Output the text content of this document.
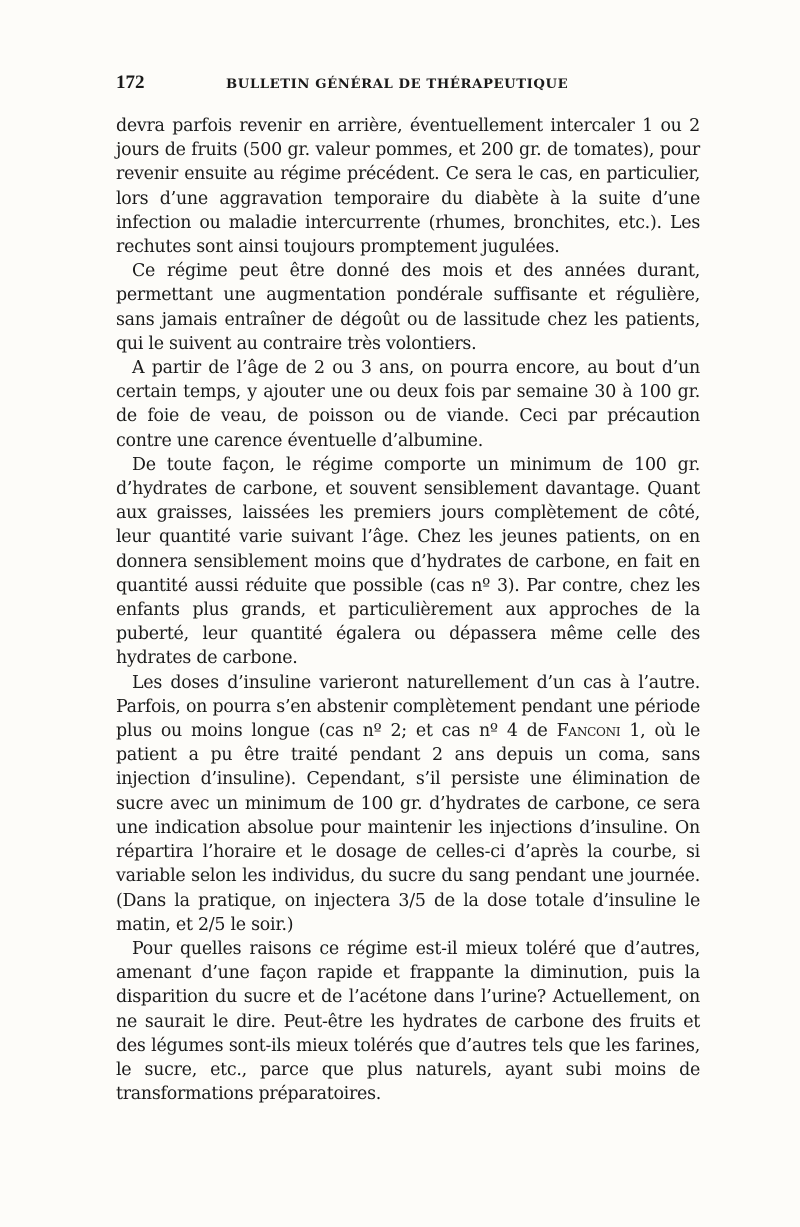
172	BULLETIN GÉNÉRAL DE THÉRAPEUTIQUE

devra parfois revenir en arrière, éventuellement intercaler 1 ou 2 jours de fruits (500 gr. valeur pommes, et 200 gr. de tomates), pour revenir ensuite au régime précédent. Ce sera le cas, en particulier, lors d’une aggravation temporaire du diabète à la suite d’une infection ou maladie intercurrente (rhumes, bronchites, etc.). Les rechutes sont ainsi toujours promptement jugulées.

Ce régime peut être donné des mois et des années durant, permettant une augmentation pondérale suffisante et régulière, sans jamais entraîner de dégoût ou de lassitude chez les patients, qui le suivent au contraire très volontiers.

A partir de l’âge de 2 ou 3 ans, on pourra encore, au bout d’un certain temps, y ajouter une ou deux fois par semaine 30 à 100 gr. de foie de veau, de poisson ou de viande. Ceci par précaution contre une carence éventuelle d’albumine.

De toute façon, le régime comporte un minimum de 100 gr. d’hydrates de carbone, et souvent sensiblement davantage. Quant aux graisses, laissées les premiers jours complètement de côté, leur quantité varie suivant l’âge. Chez les jeunes patients, on en donnera sensiblement moins que d’hydrates de carbone, en fait en quantité aussi réduite que possible (cas nº 3). Par contre, chez les enfants plus grands, et particulièrement aux approches de la puberté, leur quantité égalera ou dépassera même celle des hydrates de carbone.

Les doses d’insuline varieront naturellement d’un cas à l’autre. Parfois, on pourra s’en abstenir complètement pendant une période plus ou moins longue (cas nº 2; et cas nº 4 de Fanconi 1, où le patient a pu être traité pendant 2 ans depuis un coma, sans injection d’insuline). Cependant, s’il persiste une élimination de sucre avec un minimum de 100 gr. d’hydrates de carbone, ce sera une indication absolue pour maintenir les injections d’insuline. On répartira l’horaire et le dosage de celles-ci d’après la courbe, si variable selon les individus, du sucre du sang pendant une journée. (Dans la pratique, on injectera 3/5 de la dose totale d’insuline le matin, et 2/5 le soir.)

Pour quelles raisons ce régime est-il mieux toléré que d’autres, amenant d’une façon rapide et frappante la diminution, puis la disparition du sucre et de l’acétone dans l’urine? Actuellement, on ne saurait le dire. Peut-être les hydrates de carbone des fruits et des légumes sont-ils mieux tolérés que d’autres tels que les farines, le sucre, etc., parce que plus naturels, ayant subi moins de transformations préparatoires.
